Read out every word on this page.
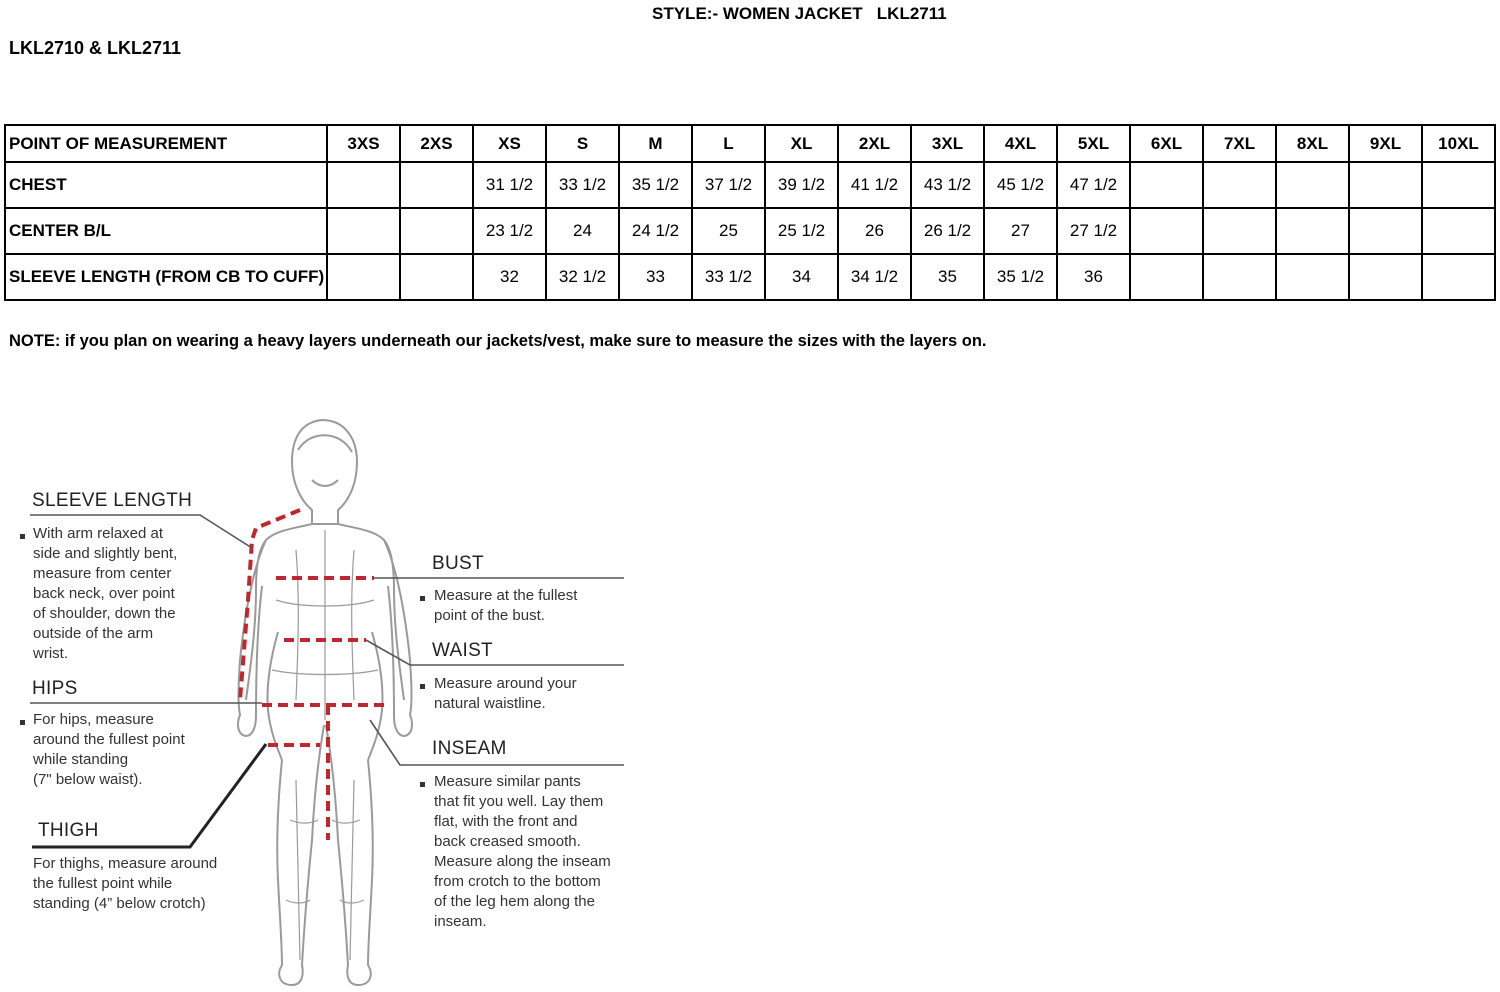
STYLE:- WOMEN JACKET   LKL2711
LKL2710 & LKL2711
POINT OF MEASUREMENT	3XS	2XS	XS	S	M	L	XL	2XL	3XL	4XL	5XL	6XL	7XL	8XL	9XL	10XL
CHEST			31 1/2	33 1/2	35 1/2	37 1/2	39 1/2	41 1/2	43 1/2	45 1/2	47 1/2					
CENTER B/L			23 1/2	24	24 1/2	25	25 1/2	26	26 1/2	27	27 1/2					
SLEEVE LENGTH (FROM CB TO CUFF)			32	32 1/2	33	33 1/2	34	34 1/2	35	35 1/2	36					
NOTE: if you plan on wearing a heavy layers underneath our jackets/vest, make sure to measure the sizes with the layers on.
SLEEVE LENGTH
With arm relaxed at
side and slightly bent,
measure from center
back neck, over point
of shoulder, down the
outside of the arm
wrist.
HIPS
For hips, measure
around the fullest point
while standing
(7" below waist).
THIGH
For thighs, measure around
the fullest point while
standing (4” below crotch)
BUST
Measure at the fullest
point of the bust.
WAIST
Measure around your
natural waistline.
INSEAM
Measure similar pants
that fit you well. Lay them
flat, with the front and
back creased smooth.
Measure along the inseam
from crotch to the bottom
of the leg hem along the
inseam.
